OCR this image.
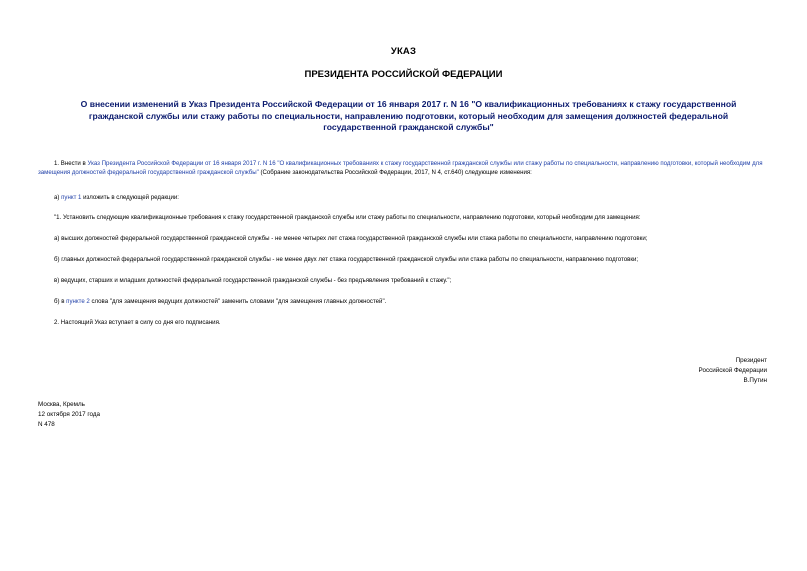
УКАЗ
ПРЕЗИДЕНТА РОССИЙСКОЙ ФЕДЕРАЦИИ
О внесении изменений в Указ Президента Российской Федерации от 16 января 2017 г. N 16 "О квалификационных требованиях к стажу государственной гражданской службы или стажу работы по специальности, направлению подготовки, который необходим для замещения должностей федеральной государственной гражданской службы"
1. Внести в Указ Президента Российской Федерации от 16 января 2017 г. N 16 "О квалификационных требованиях к стажу государственной гражданской службы или стажу работы по специальности, направлению подготовки, который необходим для замещения должностей федеральной государственной гражданской службы" (Собрание законодательства Российской Федерации, 2017, N 4, ст.640) следующие изменения:
а) пункт 1 изложить в следующей редакции:
"1. Установить следующие квалификационные требования к стажу государственной гражданской службы или стажу работы по специальности, направлению подготовки, который необходим для замещения:
а) высших должностей федеральной государственной гражданской службы - не менее четырех лет стажа государственной гражданской службы или стажа работы по специальности, направлению подготовки;
б) главных должностей федеральной государственной гражданской службы - не менее двух лет стажа государственной гражданской службы или стажа работы по специальности, направлению подготовки;
в) ведущих, старших и младших должностей федеральной государственной гражданской службы - без предъявления требований к стажу.";
б) в пункте 2 слова "для замещения ведущих должностей" заменить словами "для замещения главных должностей".
2. Настоящий Указ вступает в силу со дня его подписания.
Президент
Российской Федерации
В.Путин
Москва, Кремль
12 октября 2017 года
N 478
